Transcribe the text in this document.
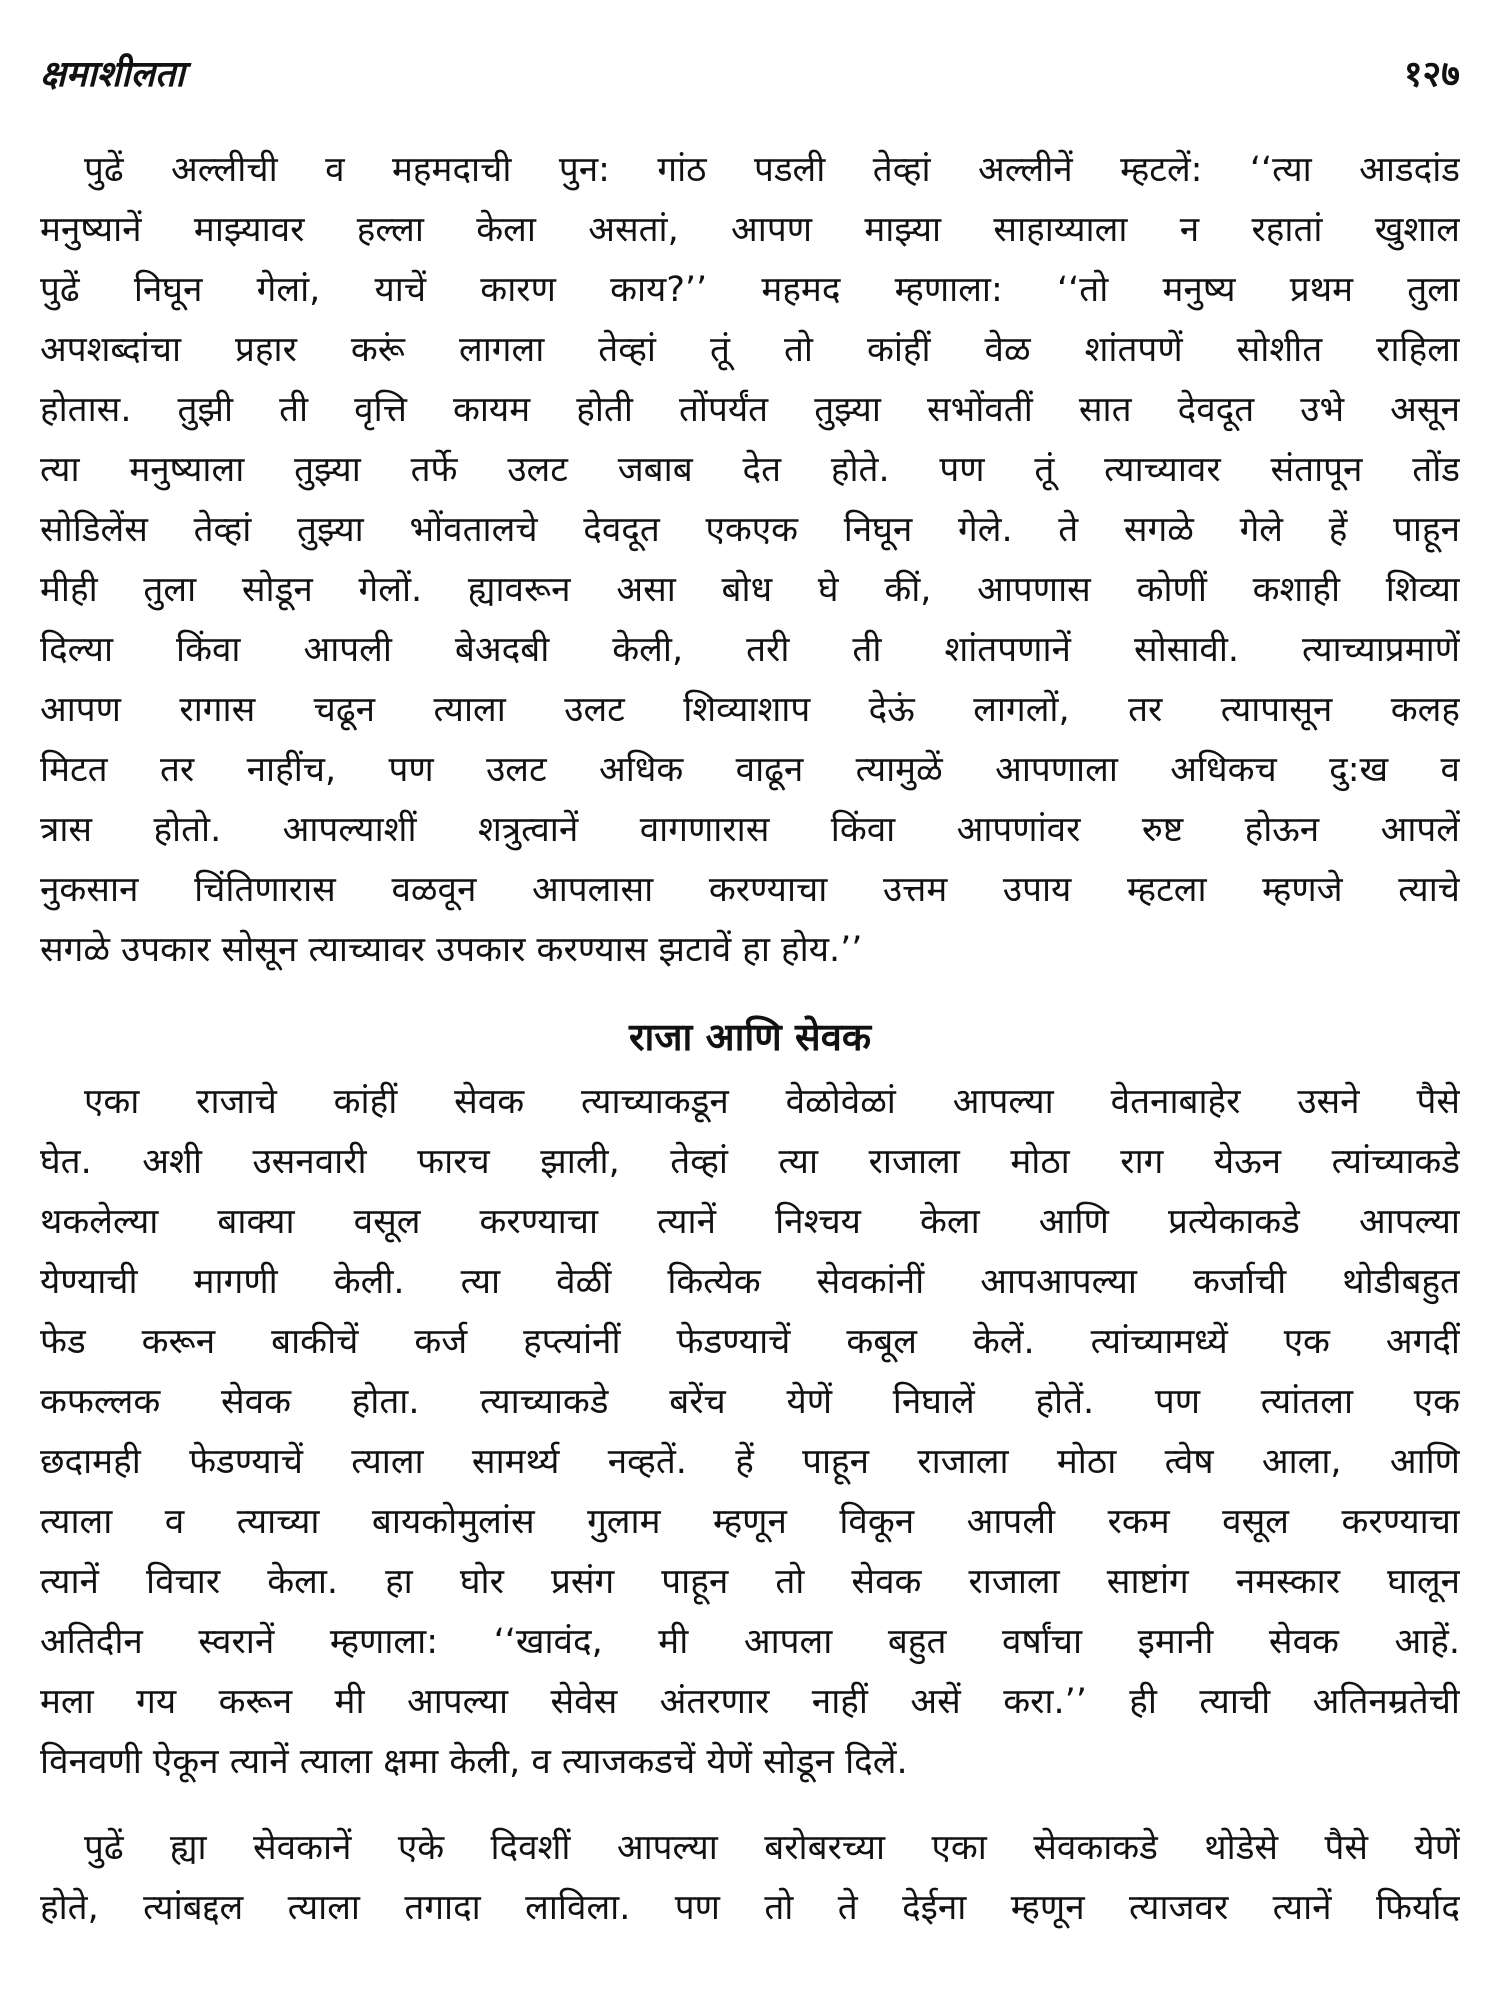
क्षमाशीलता	१२७
पुढें अल्लीची व महमदाची पुन: गांठ पडली तेव्हां अल्लीनें म्हटलें: ‘‘त्या आडदांड
मनुष्यानें माझ्यावर हल्ला केला असतां, आपण माझ्या साहाय्याला न रहातां खुशाल
पुढें निघून गेलां, याचें कारण काय?’’ महमद म्हणाला: ‘‘तो मनुष्य प्रथम तुला
अपशब्दांचा प्रहार करूं लागला तेव्हां तूं तो कांहीं वेळ शांतपणें सोशीत राहिला
होतास. तुझी ती वृत्ति कायम होती तोंपर्यंत तुझ्या सभोंवतीं सात देवदूत उभे असून
त्या मनुष्याला तुझ्या तर्फे उलट जबाब देत होते. पण तूं त्याच्यावर संतापून तोंड
सोडिलेंस तेव्हां तुझ्या भोंवतालचे देवदूत एकएक निघून गेले. ते सगळे गेले हें पाहून
मीही तुला सोडून गेलों. ह्यावरून असा बोध घे कीं, आपणास कोणीं कशाही शिव्या
दिल्या किंवा आपली बेअदबी केली, तरी ती शांतपणानें सोसावी. त्याच्याप्रमाणें
आपण रागास चढून त्याला उलट शिव्याशाप देऊं लागलों, तर त्यापासून कलह
मिटत तर नाहींच, पण उलट अधिक वाढून त्यामुळें आपणाला अधिकच दु:ख व
त्रास होतो. आपल्याशीं शत्रुत्वानें वागणारास किंवा आपणांवर रुष्ट होऊन आपलें
नुकसान चिंतिणारास वळवून आपलासा करण्याचा उत्तम उपाय म्हटला म्हणजे त्याचे
सगळे उपकार सोसून त्याच्यावर उपकार करण्यास झटावें हा होय.’’
राजा आणि सेवक
एका राजाचे कांहीं सेवक त्याच्याकडून वेळोवेळां आपल्या वेतनाबाहेर उसने पैसे
घेत. अशी उसनवारी फारच झाली, तेव्हां त्या राजाला मोठा राग येऊन त्यांच्याकडे
थकलेल्या बाक्या वसूल करण्याचा त्यानें निश्चय केला आणि प्रत्येकाकडे आपल्या
येण्याची मागणी केली. त्या वेळीं कित्येक सेवकांनीं आपआपल्या कर्जाची थोडीबहुत
फेड करून बाकीचें कर्ज हप्त्यांनीं फेडण्याचें कबूल केलें. त्यांच्यामध्यें एक अगदीं
कफल्लक सेवक होता. त्याच्याकडे बरेंच येणें निघालें होतें. पण त्यांतला एक
छदामही फेडण्याचें त्याला सामर्थ्य नव्हतें. हें पाहून राजाला मोठा त्वेष आला, आणि
त्याला व त्याच्या बायकोमुलांस गुलाम म्हणून विकून आपली रकम वसूल करण्याचा
त्यानें विचार केला. हा घोर प्रसंग पाहून तो सेवक राजाला साष्टांग नमस्कार घालून
अतिदीन स्वरानें म्हणाला: ‘‘खावंद, मी आपला बहुत वर्षांचा इमानी सेवक आहें.
मला गय करून मी आपल्या सेवेस अंतरणार नाहीं असें करा.’’ ही त्याची अतिनम्रतेची
विनवणी ऐकून त्यानें त्याला क्षमा केली, व त्याजकडचें येणें सोडून दिलें.
पुढें ह्या सेवकानें एके दिवशीं आपल्या बरोबरच्या एका सेवकाकडे थोडेसे पैसे येणें
होते, त्यांबद्दल त्याला तगादा लाविला. पण तो ते देईना म्हणून त्याजवर त्यानें फिर्याद
